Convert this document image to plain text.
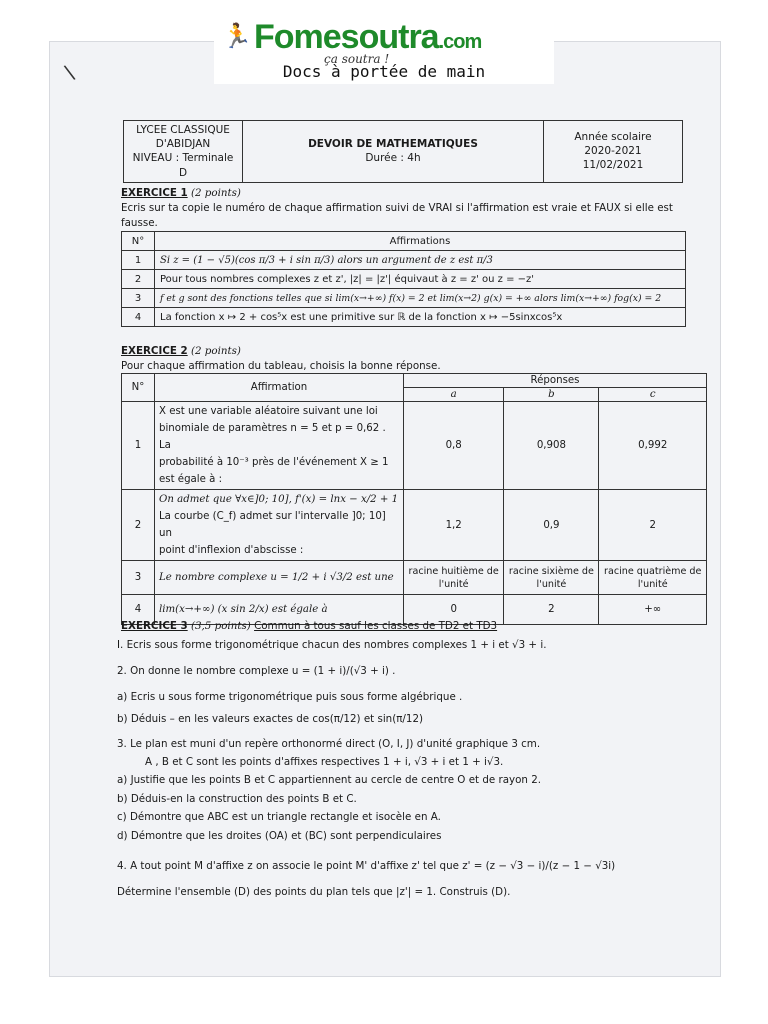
\
🏃 Fomesoutra.com
ça soutra !
Docs à portée de main
LYCEE CLASSIQUE
D'ABIDJAN
NIVEAU : Terminale D

DEVOIR DE MATHEMATIQUES
Durée : 4h

Année scolaire
2020-2021
11/02/2021
EXERCICE 1 (2 points)
Ecris sur ta copie le numéro de chaque affirmation suivi de VRAI si l'affirmation est vraie et FAUX si elle est
fausse.
N°	Affirmations
1	Si z = (1 − √5)(cos π/3 + i sin π/3) alors un argument de z est π/3
2	Pour tous nombres complexes z et z', |z| = |z'| équivaut à z = z' ou z = −z'
3	f et g sont des fonctions telles que si lim(x→+∞) f(x) = 2 et lim(x→2) g(x) = +∞ alors lim(x→+∞) fog(x) = 2
4	La fonction x ↦ 2 + cos⁵x est une primitive sur ℝ de la fonction x ↦ −5sinxcos⁵x
EXERCICE 2 (2 points)
Pour chaque affirmation du tableau, choisis la bonne réponse.
N°	Affirmation	Réponses		
		a	b	c
1	X est une variable aléatoire suivant une loi
binomiale de paramètres n = 5 et p = 0,62 . La
probabilité à 10⁻³ près de l'événement X ≥ 1
est égale à :	0,8	0,908	0,992
2	On admet que ∀x∈]0; 10], f'(x) = lnx − x/2 + 1
La courbe (C_f) admet sur l'intervalle ]0; 10] un
point d'inflexion d'abscisse :	1,2	0,9	2
3	Le nombre complexe u = 1/2 + i √3/2 est une	racine huitième de l'unité	racine sixième de l'unité	racine quatrième de l'unité
4	lim(x→+∞) (x sin 2/x) est égale à	0	2	+∞
EXERCICE 3 (3,5 points) Commun à tous sauf les classes de TD2 et TD3
I. Ecris sous forme trigonométrique chacun des nombres complexes 1 + i et √3 + i.
2. On donne le nombre complexe u = (1 + i)/(√3 + i) .
a) Ecris u sous forme trigonométrique puis sous forme algébrique .
b) Déduis – en les valeurs exactes de cos(π/12) et sin(π/12)
3. Le plan est muni d'un repère orthonormé direct (O, I, J) d'unité graphique 3 cm.
A , B et C sont les points d'affixes respectives 1 + i, √3 + i et 1 + i√3.
a) Justifie que les points B et C appartiennent au cercle de centre O et de rayon 2.
b) Déduis-en la construction des points B et C.
c) Démontre que ABC est un triangle rectangle et isocèle en A.
d) Démontre que les droites (OA) et (BC) sont perpendiculaires
4. A tout point M d'affixe z on associe le point M' d'affixe z' tel que z' = (z − √3 − i)/(z − 1 − √3i)
Détermine l'ensemble (D) des points du plan tels que |z'| = 1. Construis (D).
